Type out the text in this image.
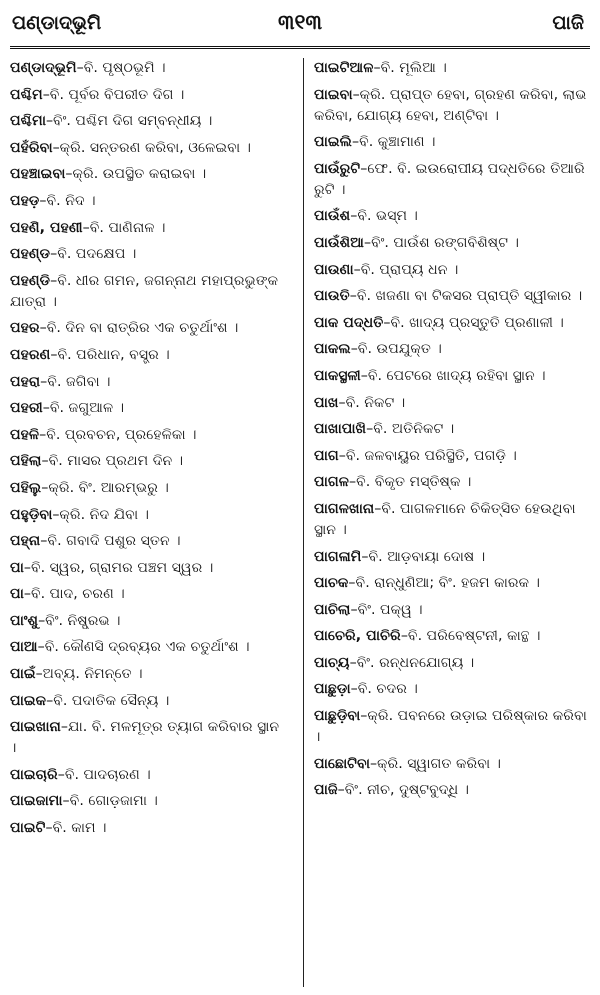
ପଣ୍ଡାଦ୍‌ଭୂମି	୩୧୩	ପାଜି
ପଣ୍ଡାଦ୍‌ଭୂମି–ବି. ପୃଷ୍ଠଭୂମି ।
ପଶ୍ଚିମ–ବି. ପୂର୍ବର ବିପରୀତ ଦିଗ ।
ପଶ୍ଚିମା–ବିଂ. ପଶ୍ଚିମ ଦିଗ ସମ୍ବନ୍ଧୀୟ ।
ପହଁରିବା–କ୍ରି. ସନ୍ତରଣ କରିବା, ଓଳେଇବା ।
ପହଞ୍ଚାଇବା–କ୍ରି. ଉପସ୍ଥିତ କରାଇବା ।
ପହଡ଼–ବି. ନିଦ ।
ପହଣି, ପହଣୀ–ବି. ପାଣିନାଳ ।
ପହଣ୍ଡ–ବି. ପଦକ୍ଷେପ ।
ପହଣ୍ଡି–ବି. ଧୀର ଗମନ, ଜଗନ୍ନାଥ ମହାପ୍ରଭୁଙ୍କ ଯାତ୍ରା ।
ପହର–ବି. ଦିନ ବା ରାତ୍ରିର ଏକ ଚତୁର୍ଥାଂଶ ।
ପହରଣ–ବି. ପରିଧାନ, ବସ୍ତ୍ର ।
ପହରା–ବି. ଜଗିବା ।
ପହରୀ–ବି. ଜଗୁଆଳ ।
ପହଳି–ବି. ପ୍ରବଚନ, ପ୍ରହେଳିକା ।
ପହିଲା–ବି. ମାସର ପ୍ରଥମ ଦିନ ।
ପହିଲୁ–କ୍ରି. ବିଂ. ଆରମ୍ଭରୁ ।
ପହୁଡ଼ିବା–କ୍ରି. ନିଦ ଯିବା ।
ପହ୍ନା–ବି. ଗବାଦି ପଶୁର ସ୍ତନ ।
ପା–ବି. ସ୍ୱର, ଗ୍ରାମର ପଞ୍ଚମ ସ୍ୱର ।
ପା–ବି. ପାଦ, ଚରଣ ।
ପାଂଶୁ–ବିଂ. ନିଷ୍ପ୍ରଭ ।
ପାଆ–ବି. କୌଣସି ଦ୍ରବ୍ୟର ଏକ ଚତୁର୍ଥାଂଶ ।
ପାଇଁ–ଅବ୍ୟ. ନିମନ୍ତେ ।
ପାଇକ–ବି. ପଦାତିକ ସୈନ୍ୟ ।
ପାଇଖାନା–ଯା. ବି. ମଳମୂତ୍ର ତ୍ୟାଗ କରିବାର ସ୍ଥାନ ।
ପାଇଚାରି–ବି. ପାଦଚାରଣ ।
ପାଇଜାମା–ବି. ଗୋଡ଼ଜାମା ।
ପାଇଟି–ବି. କାମ ।
ପାଇଟିଆଳ–ବି. ମୂଲିଆ ।
ପାଇବା–କ୍ରି. ପ୍ରାପ୍ତ ହେବା, ଗ୍ରହଣ କରିବା, ଲାଭ କରିବା, ଯୋଗ୍ୟ ହେବା, ଅଣ୍ଟିବା ।
ପାଇଲି–ବି. କୁଞ୍ଚାମାଣ ।
ପାଉଁରୁଟି–ଫେ. ବି. ଇଉରୋପୀୟ ପଦ୍ଧତିରେ ତିଆରି ରୁଟି ।
ପାଉଁଶ–ବି. ଭସ୍ମ ।
ପାଉଁଶିଆ–ବିଂ. ପାଉଁଶ ରଙ୍ଗବିଶିଷ୍ଟ ।
ପାଉଣା–ବି. ପ୍ରାପ୍ୟ ଧନ ।
ପାଉତି–ବି. ଖଜଣା ବା ଟିକସର ପ୍ରାପ୍ତି ସ୍ୱୀକାର ।
ପାକ ପଦ୍ଧତି–ବି. ଖାଦ୍ୟ ପ୍ରସ୍ତୁତି ପ୍ରଣାଳୀ ।
ପାକଲ–ବି. ଉପଯୁକ୍ତ ।
ପାକସ୍ଥଳୀ–ବି. ପେଟରେ ଖାଦ୍ୟ ରହିବା ସ୍ଥାନ ।
ପାଖ–ବି. ନିକଟ ।
ପାଖାପାଖି–ବି. ଅତିନିକଟ ।
ପାଗ–ବି. ଜଳବାୟୁର ପରିସ୍ଥିତି, ପଗଡ଼ି ।
ପାଗଳ–ବି. ବିକୃତ ମସ୍ତିଷ୍କ ।
ପାଗଳଖାନା–ବି. ପାଗଳମାନେ ଚିକିତ୍ସିତ ହେଉଥିବା ସ୍ଥାନ ।
ପାଗଳାମି–ବି. ଆଡ଼ବାୟା ଦୋଷ ।
ପାଚକ–ବି. ରାନ୍ଧୁଣିଆ; ବିଂ. ହଜମ କାରକ ।
ପାଚିଲା–ବିଂ. ପକ୍ୱ ।
ପାଚେରି, ପାଚିରି–ବି. ପରିବେଷ୍ଟନୀ, କାନ୍ଥ ।
ପାଚ୍ୟ–ବିଂ. ରନ୍ଧନଯୋଗ୍ୟ ।
ପାଛୁଡ଼ା–ବି. ଚଦର ।
ପାଛୁଡ଼ିବା–କ୍ରି. ପବନରେ ଉଡ଼ାଇ ପରିଷ୍କାର କରିବା ।
ପାଛୋଟିବା–କ୍ରି. ସ୍ୱାଗତ କରିବା ।
ପାଜି–ବିଂ. ନୀଚ, ଦୁଷ୍ଟବୁଦ୍ଧି ।
